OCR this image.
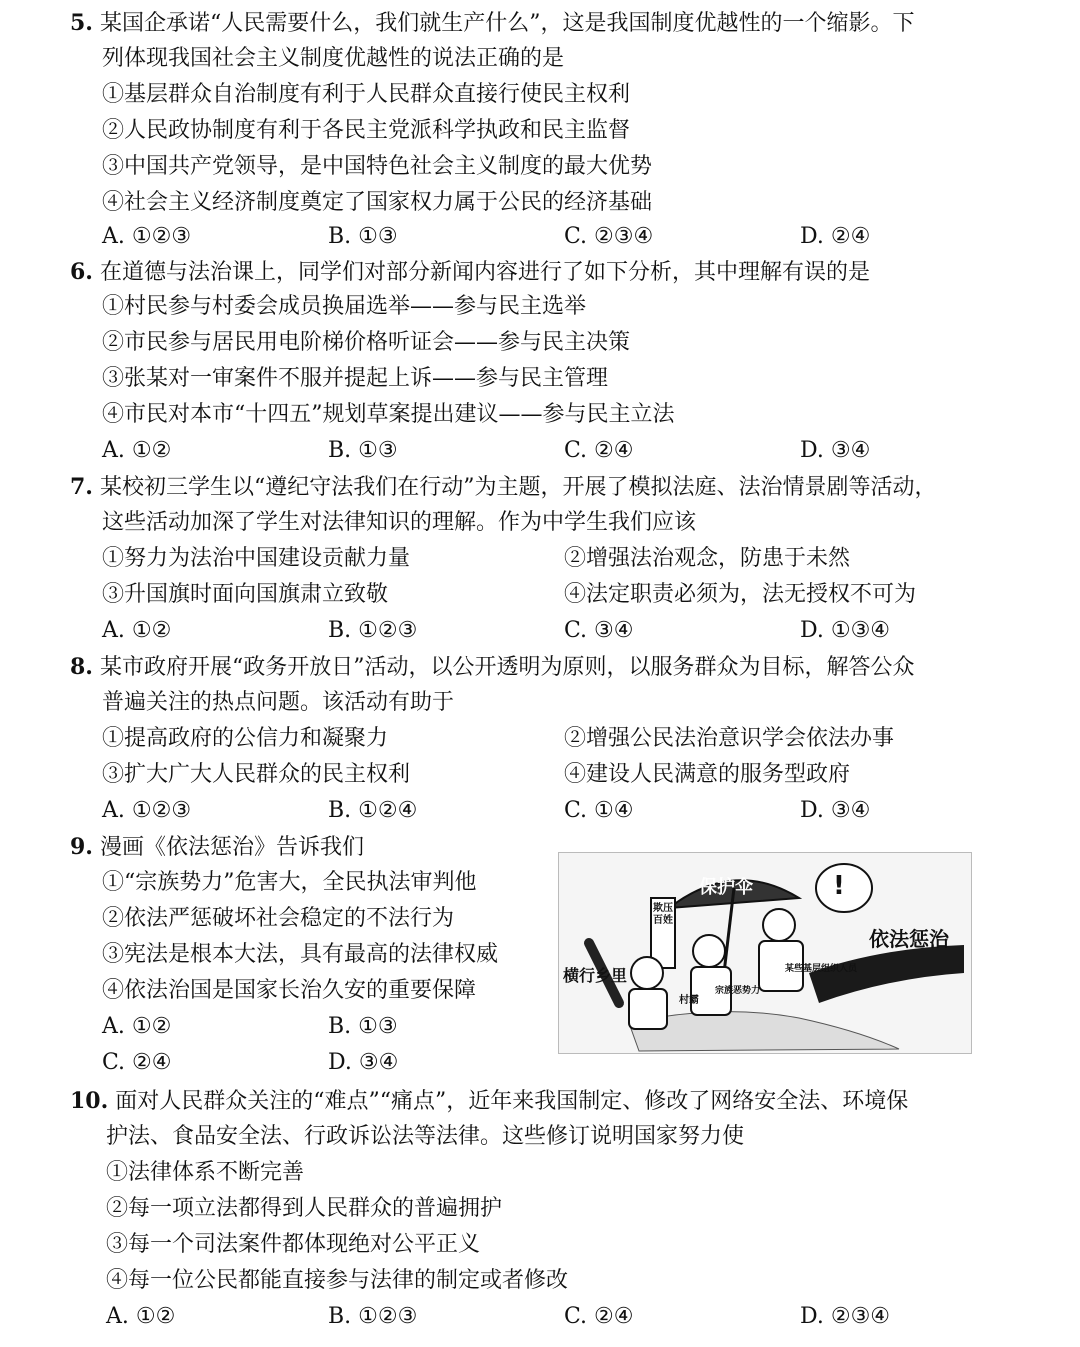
5. 某国企承诺“人民需要什么，我们就生产什么”，这是我国制度优越性的一个缩影。下
列体现我国社会主义制度优越性的说法正确的是
①基层群众自治制度有利于人民群众直接行使民主权利
②人民政协制度有利于各民主党派科学执政和民主监督
③中国共产党领导，是中国特色社会主义制度的最大优势
④社会主义经济制度奠定了国家权力属于公民的经济基础
A. ①②③	B. ①③	C. ②③④	D. ②④
6. 在道德与法治课上，同学们对部分新闻内容进行了如下分析，其中理解有误的是
①村民参与村委会成员换届选举——参与民主选举
②市民参与居民用电阶梯价格听证会——参与民主决策
③张某对一审案件不服并提起上诉——参与民主管理
④市民对本市“十四五”规划草案提出建议——参与民主立法
A. ①②	B. ①③	C. ②④	D. ③④
7. 某校初三学生以“遵纪守法我们在行动”为主题，开展了模拟法庭、法治情景剧等活动，
这些活动加深了学生对法律知识的理解。作为中学生我们应该
①努力为法治中国建设贡献力量	②增强法治观念，防患于未然
③升国旗时面向国旗肃立致敬	④法定职责必须为，法无授权不可为
A. ①②	B. ①②③	C. ③④	D. ①③④
8. 某市政府开展“政务开放日”活动，以公开透明为原则，以服务群众为目标，解答公众
普遍关注的热点问题。该活动有助于
①提高政府的公信力和凝聚力	②增强公民法治意识学会依法办事
③扩大广大人民群众的民主权利	④建设人民满意的服务型政府
A. ①②③	B. ①②④	C. ①④	D. ③④
9. 漫画《依法惩治》告诉我们
①“宗族势力”危害大，全民执法审判他
②依法严惩破坏社会稳定的不法行为
③宪法是根本大法，具有最高的法律权威
④依法治国是国家长治久安的重要保障
A. ①②	B. ①③
C. ②④	D. ③④
保护伞	!
依法惩治
横行乡里
欺压百姓
村霸
宗族恶势力
某些基层组织人员
10. 面对人民群众关注的“难点”“痛点”，近年来我国制定、修改了网络安全法、环境保
护法、食品安全法、行政诉讼法等法律。这些修订说明国家努力使
①法律体系不断完善
②每一项立法都得到人民群众的普遍拥护
③每一个司法案件都体现绝对公平正义
④每一位公民都能直接参与法律的制定或者修改
A. ①②	B. ①②③	C. ②④	D. ②③④
